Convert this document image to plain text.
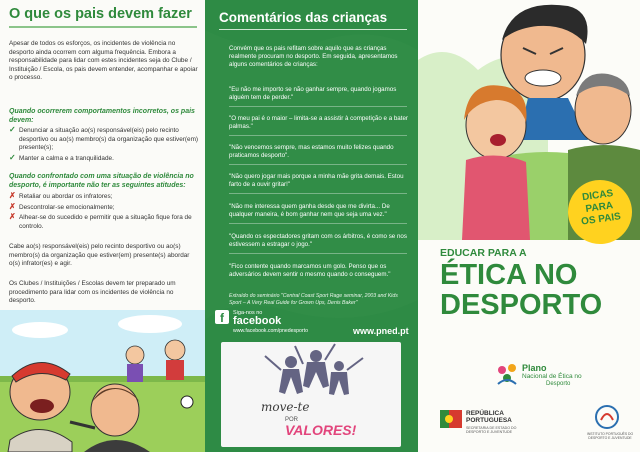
O que os pais devem fazer
Apesar de todos os esforços, os incidentes de violência no desporto ainda ocorrem com alguma frequência. Embora a responsabilidade para lidar com estes incidentes seja do Clube / Instituição / Escola, os pais devem entender, acompanhar e apoiar o processo.
Quando ocorrerem comportamentos incorretos, os pais devem:
✓ Denunciar a situação ao(s) responsável(eis) pelo recinto desportivo ou ao(s) membro(s) da organização que estiver(em) presente(s);
✓ Manter a calma e a tranquilidade.
Quando confrontado com uma situação de violência no desporto, é importante não ter as seguintes atitudes:
✗ Retaliar ou abordar os infratores;
✗ Descontrolar-se emocionalmente;
✗ Alhear-se do sucedido e permitir que a situação fique fora de controlo.
Cabe ao(s) responsável(eis) pelo recinto desportivo ou ao(s) membro(s) da organização que estiver(em) presente(s) abordar o(s) infrator(es) e agir.
Os Clubes / Instituições / Escolas devem ter preparado um procedimento para lidar com os incidentes de violência no desporto.
Comentários das crianças
Convém que os pais refitam sobre aquilo que as crianças realmente procuram no desporto. Em seguida, apresentamos alguns comentários de crianças:
"Eu não me importo se não ganhar sempre, quando jogamos alguém tem de perder."
"O meu pai é o maior – limita-se a assistir à competição e a bater palmas."
"Não vencemos sempre, mas estamos muito felizes quando praticamos desporto".
"Não quero jogar mais porque a minha mãe grita demais. Estou farto de a ouvir gritar!"
"Não me interessa quem ganha desde que me divirta... De qualquer maneira, é bom ganhar nem que seja uma vez."
"Quando os espectadores gritam com os árbitros, é como se nos estivessem a estragar o jogo."
"Fico contente quando marcamos um golo. Penso que os adversários devem sentir o mesmo quando o conseguem."
Extraído do seminário "Central Coast Sport Rage seminar, 2003 and Kids Sport – A Very Real Guide for Grown Ups, Denis Baker"
f	Siga-nos no
facebook
www.facebook.com/pnedesporto	www.pned.pt
move-te
POR
VALORES!
DICAS
PARA
OS PAIS
EDUCAR PARA A
ÉTICA NO
DESPORTO
Plano
Nacional de Ética no
Desporto
REPÚBLICA
PORTUGUESA
SECRETARIA DE ESTADO DO DESPORTO E JUVENTUDE	INSTITUTO PORTUGUÊS DO DESPORTO E JUVENTUDE
